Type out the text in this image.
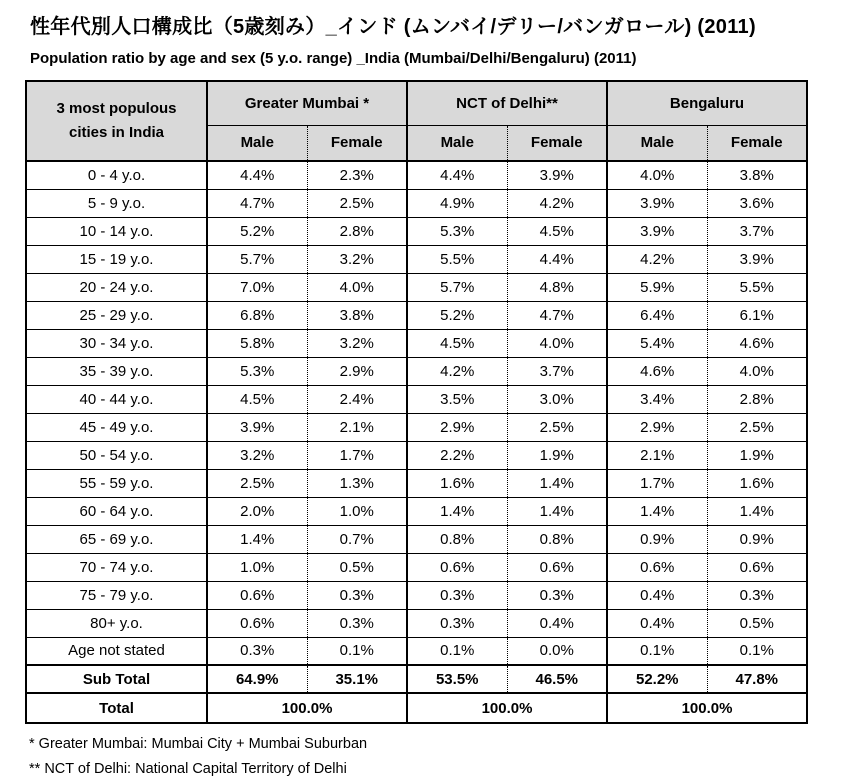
性年代別人口構成比（5歳刻み）_インド (ムンバイ/デリー/バンガロール) (2011)
Population ratio by age and sex (5 y.o. range) _India (Mumbai/Delhi/Bengaluru) (2011)
3 most populous
cities in India	Greater Mumbai *		NCT of Delhi**		Bengaluru	
	Male	Female	Male	Female	Male	Female
0 - 4 y.o.	4.4%	2.3%	4.4%	3.9%	4.0%	3.8%
5 - 9 y.o.	4.7%	2.5%	4.9%	4.2%	3.9%	3.6%
10 - 14 y.o.	5.2%	2.8%	5.3%	4.5%	3.9%	3.7%
15 - 19 y.o.	5.7%	3.2%	5.5%	4.4%	4.2%	3.9%
20 - 24 y.o.	7.0%	4.0%	5.7%	4.8%	5.9%	5.5%
25 - 29 y.o.	6.8%	3.8%	5.2%	4.7%	6.4%	6.1%
30 - 34 y.o.	5.8%	3.2%	4.5%	4.0%	5.4%	4.6%
35 - 39 y.o.	5.3%	2.9%	4.2%	3.7%	4.6%	4.0%
40 - 44 y.o.	4.5%	2.4%	3.5%	3.0%	3.4%	2.8%
45 - 49 y.o.	3.9%	2.1%	2.9%	2.5%	2.9%	2.5%
50 - 54 y.o.	3.2%	1.7%	2.2%	1.9%	2.1%	1.9%
55 - 59 y.o.	2.5%	1.3%	1.6%	1.4%	1.7%	1.6%
60 - 64 y.o.	2.0%	1.0%	1.4%	1.4%	1.4%	1.4%
65 - 69 y.o.	1.4%	0.7%	0.8%	0.8%	0.9%	0.9%
70 - 74 y.o.	1.0%	0.5%	0.6%	0.6%	0.6%	0.6%
75 - 79 y.o.	0.6%	0.3%	0.3%	0.3%	0.4%	0.3%
80+ y.o.	0.6%	0.3%	0.3%	0.4%	0.4%	0.5%
Age not stated	0.3%	0.1%	0.1%	0.0%	0.1%	0.1%
Sub Total	64.9%	35.1%	53.5%	46.5%	52.2%	47.8%
Total	100.0%		100.0%		100.0%	
* Greater Mumbai: Mumbai City + Mumbai Suburban
** NCT of Delhi: National Capital Territory of Delhi
